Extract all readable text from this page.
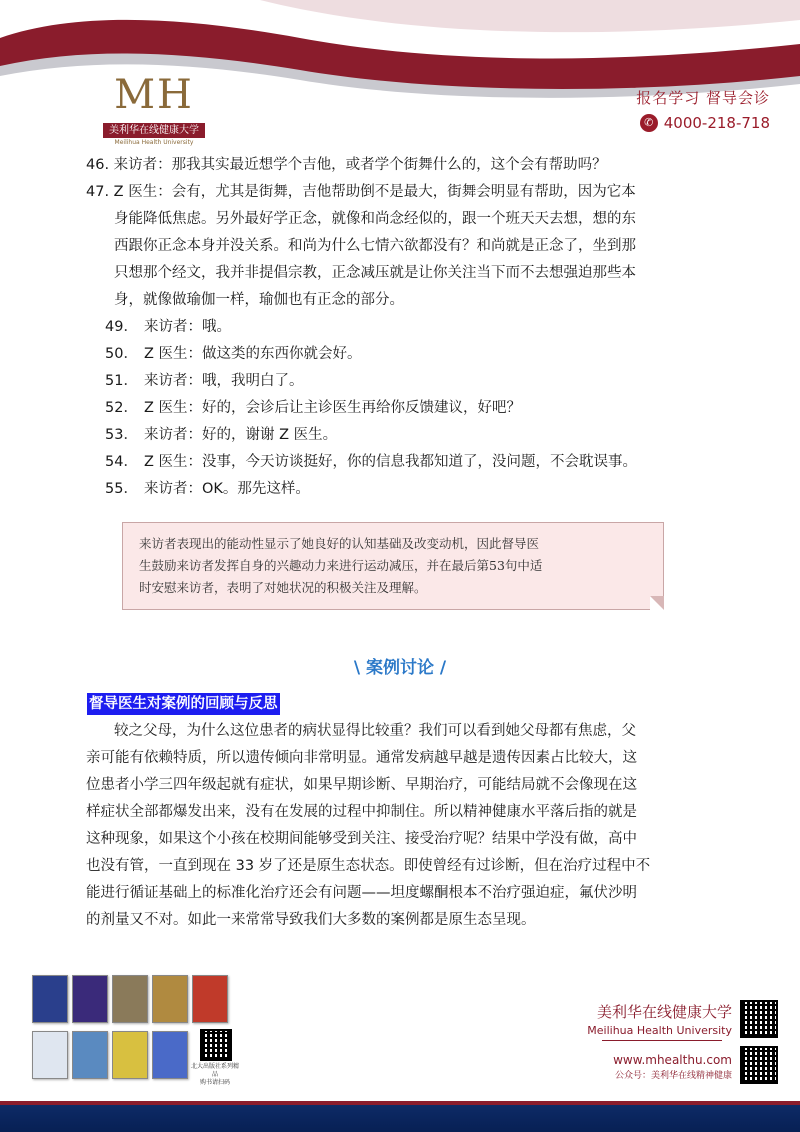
MH
美利华在线健康大学
Meilihua Health University
报名学习 督导会诊
✆ 4000-218-718
46. 来访者：那我其实最近想学个吉他，或者学个街舞什么的，这个会有帮助吗？
47. Z 医生：会有，尤其是街舞，吉他帮助倒不是最大，街舞会明显有帮助，因为它本
身能降低焦虑。另外最好学正念，就像和尚念经似的，跟一个班天天去想，想的东
西跟你正念本身并没关系。和尚为什么七情六欲都没有？和尚就是正念了，坐到那
只想那个经文，我并非提倡宗教，正念减压就是让你关注当下而不去想强迫那些本
身，就像做瑜伽一样，瑜伽也有正念的部分。
49． 来访者：哦。
50． Z 医生：做这类的东西你就会好。
51． 来访者：哦，我明白了。
52． Z 医生：好的，会诊后让主诊医生再给你反馈建议，好吧？
53． 来访者：好的，谢谢 Z 医生。
54． Z 医生：没事，今天访谈挺好，你的信息我都知道了，没问题，不会耽误事。
55． 来访者：OK。那先这样。
来访者表现出的能动性显示了她良好的认知基础及改变动机，因此督导医
生鼓励来访者发挥自身的兴趣动力来进行运动减压，并在最后第53句中适
时安慰来访者，表明了对她状况的积极关注及理解。
\ 案例讨论 /
督导医生对案例的回顾与反思
较之父母，为什么这位患者的病状显得比较重？我们可以看到她父母都有焦虑，父
亲可能有依赖特质，所以遗传倾向非常明显。通常发病越早越是遗传因素占比较大，这
位患者小学三四年级起就有症状，如果早期诊断、早期治疗，可能结局就不会像现在这
样症状全部都爆发出来，没有在发展的过程中抑制住。所以精神健康水平落后指的就是
这种现象，如果这个小孩在校期间能够受到关注、接受治疗呢？结果中学没有做，高中
也没有管，一直到现在 33 岁了还是原生态状态。即使曾经有过诊断，但在治疗过程中不
能进行循证基础上的标准化治疗还会有问题——坦度螺酮根本不治疗强迫症，氟伏沙明
的剂量又不对。如此一来常常导致我们大多数的案例都是原生态呈现。
北大出版社系列精品
购书请扫码
美利华在线健康大学
Meilihua Health University
www.mhealthu.com
公众号：美利华在线精神健康
